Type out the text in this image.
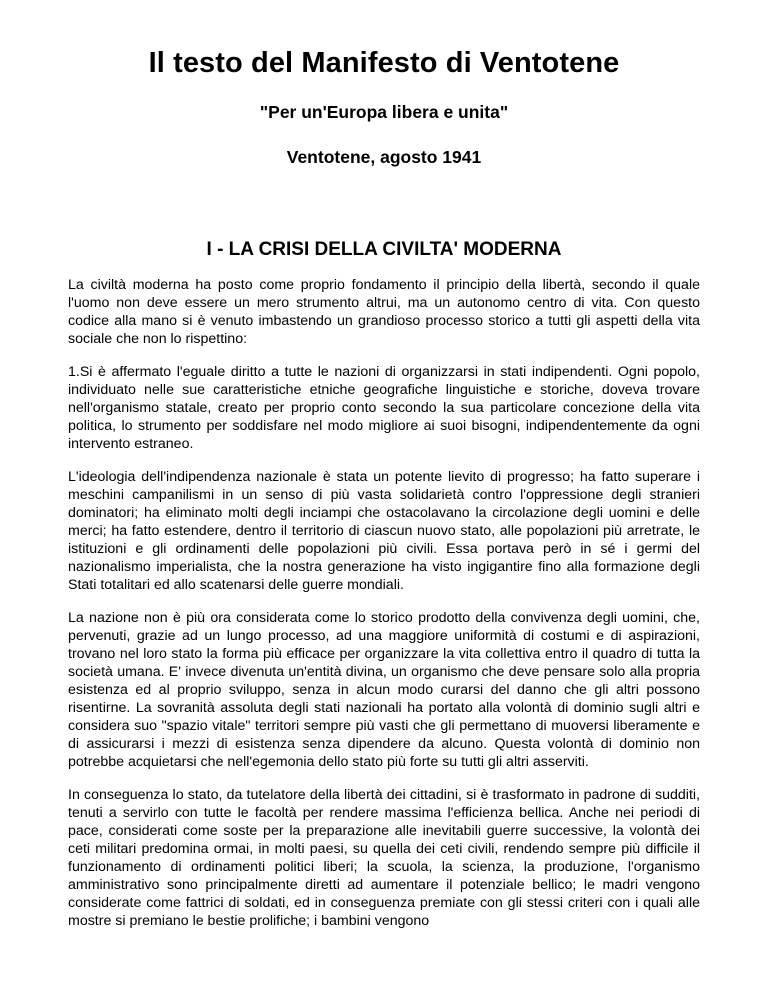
Il testo del Manifesto di Ventotene
"Per un'Europa libera e unita"
Ventotene, agosto 1941
I - LA CRISI DELLA CIVILTA' MODERNA

La civiltà moderna ha posto come proprio fondamento il principio della libertà, secondo il quale l'uomo non deve essere un mero strumento altrui, ma un autonomo centro di vita. Con questo codice alla mano si è venuto imbastendo un grandioso processo storico a tutti gli aspetti della vita sociale che non lo rispettino:

1.Si è affermato l'eguale diritto a tutte le nazioni di organizzarsi in stati indipendenti. Ogni popolo, individuato nelle sue caratteristiche etniche geografiche linguistiche e storiche, doveva trovare nell'organismo statale, creato per proprio conto secondo la sua particolare concezione della vita politica, lo strumento per soddisfare nel modo migliore ai suoi bisogni, indipendentemente da ogni intervento estraneo.

L'ideologia dell'indipendenza nazionale è stata un potente lievito di progresso; ha fatto superare i meschini campanilismi in un senso di più vasta solidarietà contro l'oppressione degli stranieri dominatori; ha eliminato molti degli inciampi che ostacolavano la circolazione degli uomini e delle merci; ha fatto estendere, dentro il territorio di ciascun nuovo stato, alle popolazioni più arretrate, le istituzioni e gli ordinamenti delle popolazioni più civili. Essa portava però in sé i germi del nazionalismo imperialista, che la nostra generazione ha visto ingigantire fino alla formazione degli Stati totalitari ed allo scatenarsi delle guerre mondiali.

La nazione non è più ora considerata come lo storico prodotto della convivenza degli uomini, che, pervenuti, grazie ad un lungo processo, ad una maggiore uniformità di costumi e di aspirazioni, trovano nel loro stato la forma più efficace per organizzare la vita collettiva entro il quadro di tutta la società umana. E' invece divenuta un'entità divina, un organismo che deve pensare solo alla propria esistenza ed al proprio sviluppo, senza in alcun modo curarsi del danno che gli altri possono risentirne. La sovranità assoluta degli stati nazionali ha portato alla volontà di dominio sugli altri e considera suo "spazio vitale" territori sempre più vasti che gli permettano di muoversi liberamente e di assicurarsi i mezzi di esistenza senza dipendere da alcuno. Questa volontà di dominio non potrebbe acquietarsi che nell'egemonia dello stato più forte su tutti gli altri asserviti.

In conseguenza lo stato, da tutelatore della libertà dei cittadini, si è trasformato in padrone di sudditi, tenuti a servirlo con tutte le facoltà per rendere massima l'efficienza bellica. Anche nei periodi di pace, considerati come soste per la preparazione alle inevitabili guerre successive, la volontà dei ceti militari predomina ormai, in molti paesi, su quella dei ceti civili, rendendo sempre più difficile il funzionamento di ordinamenti politici liberi; la scuola, la scienza, la produzione, l'organismo amministrativo sono principalmente diretti ad aumentare il potenziale bellico; le madri vengono considerate come fattrici di soldati, ed in conseguenza premiate con gli stessi criteri con i quali alle mostre si premiano le bestie prolifiche; i bambini vengono
